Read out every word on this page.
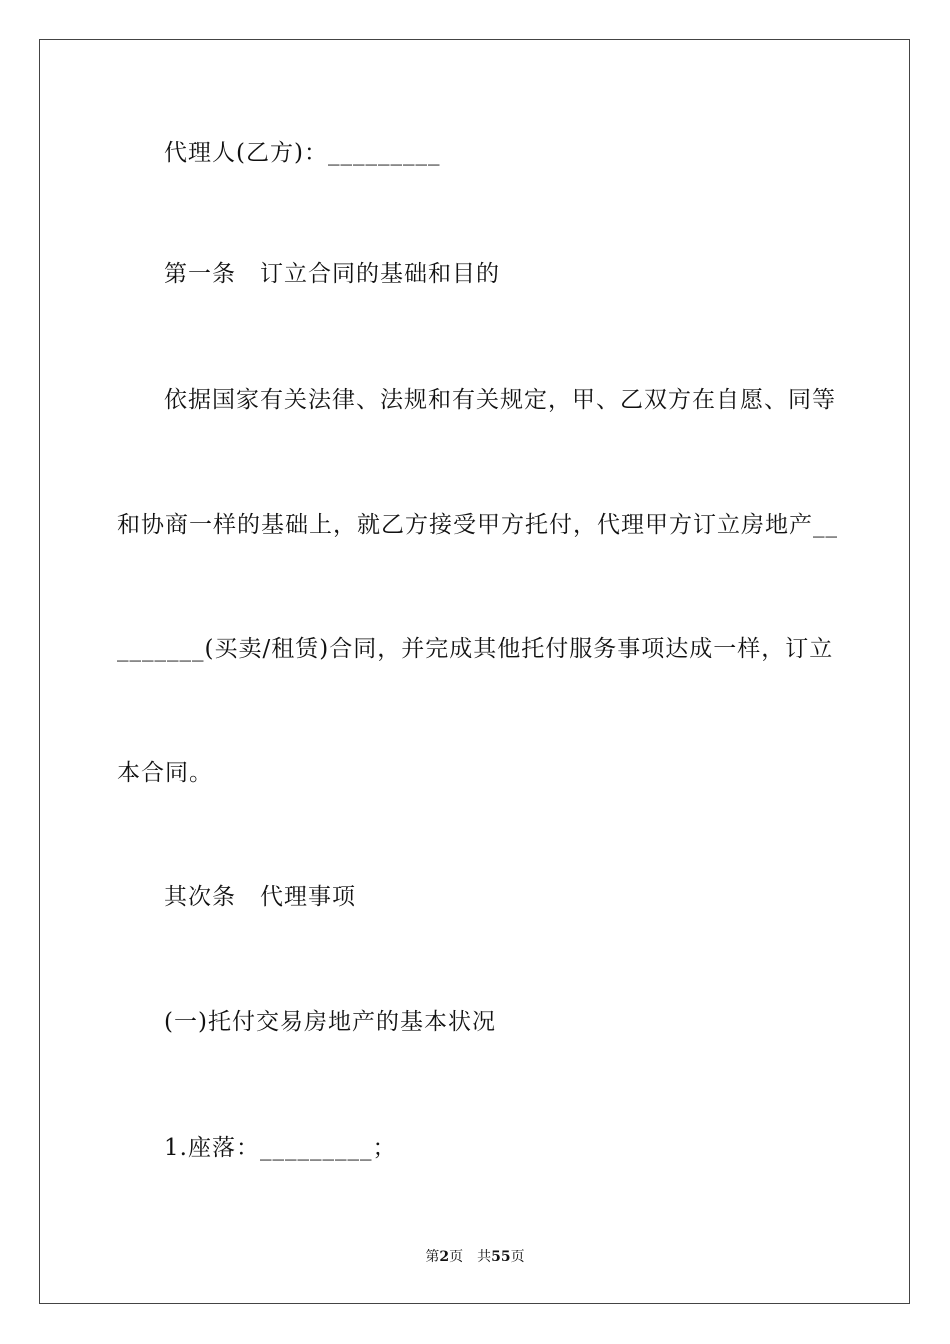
代理人(乙方)：_________
第一条　订立合同的基础和目的
依据国家有关法律、法规和有关规定，甲、乙双方在自愿、同等
和协商一样的基础上，就乙方接受甲方托付，代理甲方订立房地产__
_______(买卖/租赁)合同，并完成其他托付服务事项达成一样，订立
本合同。
其次条　代理事项
(一)托付交易房地产的基本状况
1.座落：_________；
第2页　共55页
